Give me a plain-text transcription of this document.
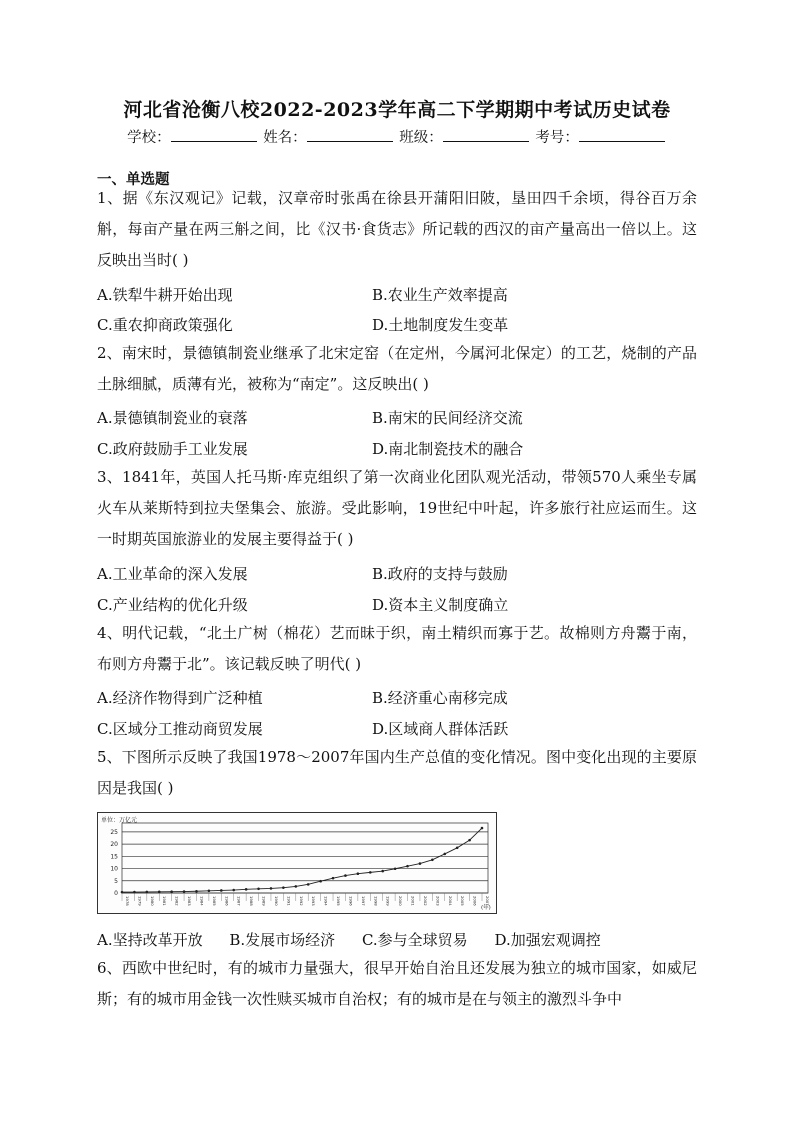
河北省沧衡八校2022-2023学年高二下学期期中考试历史试卷
学校：	姓名：	班级：	考号：
一、单选题
1、据《东汉观记》记载，汉章帝时张禹在徐县开蒲阳旧陂，垦田四千余顷，得谷百万余斛，每亩产量在两三斛之间，比《汉书·食货志》所记载的西汉的亩产量高出一倍以上。这反映出当时( )
A.铁犁牛耕开始出现	B.农业生产效率提高
C.重农抑商政策强化	D.土地制度发生变革
2、南宋时，景德镇制瓷业继承了北宋定窑（在定州，今属河北保定）的工艺，烧制的产品土脉细腻，质薄有光，被称为“南定”。这反映出( )
A.景德镇制瓷业的衰落	B.南宋的民间经济交流
C.政府鼓励手工业发展	D.南北制瓷技术的融合
3、1841年，英国人托马斯·库克组织了第一次商业化团队观光活动，带领570人乘坐专属火车从莱斯特到拉夫堡集会、旅游。受此影响，19世纪中叶起，许多旅行社应运而生。这一时期英国旅游业的发展主要得益于( )
A.工业革命的深入发展	B.政府的支持与鼓励
C.产业结构的优化升级	D.资本主义制度确立
4、明代记载，“北土广树（棉花）艺而昧于织，南土精织而寡于艺。故棉则方舟鬻于南，布则方舟鬻于北”。该记载反映了明代( )
A.经济作物得到广泛种植	B.经济重心南移完成
C.区域分工推动商贸发展	D.区域商人群体活跃
5、下图所示反映了我国1978～2007年国内生产总值的变化情况。图中变化出现的主要原因是我国( )
单位：万亿元
0
5
10
15
20
25
1978 1979 1980 1981 1982 1983 1984 1985 1986 1987 1988 1989 1990 1991 1992 1993 1994 1995 1996 1997 1998 1999 2000 2001 2002 2003 2004 2005 2006 2007
(年)
A.坚持改革开放 B.发展市场经济 C.参与全球贸易 D.加强宏观调控
6、西欧中世纪时，有的城市力量强大，很早开始自治且还发展为独立的城市国家，如威尼斯；有的城市用金钱一次性赎买城市自治权；有的城市是在与领主的激烈斗争中
